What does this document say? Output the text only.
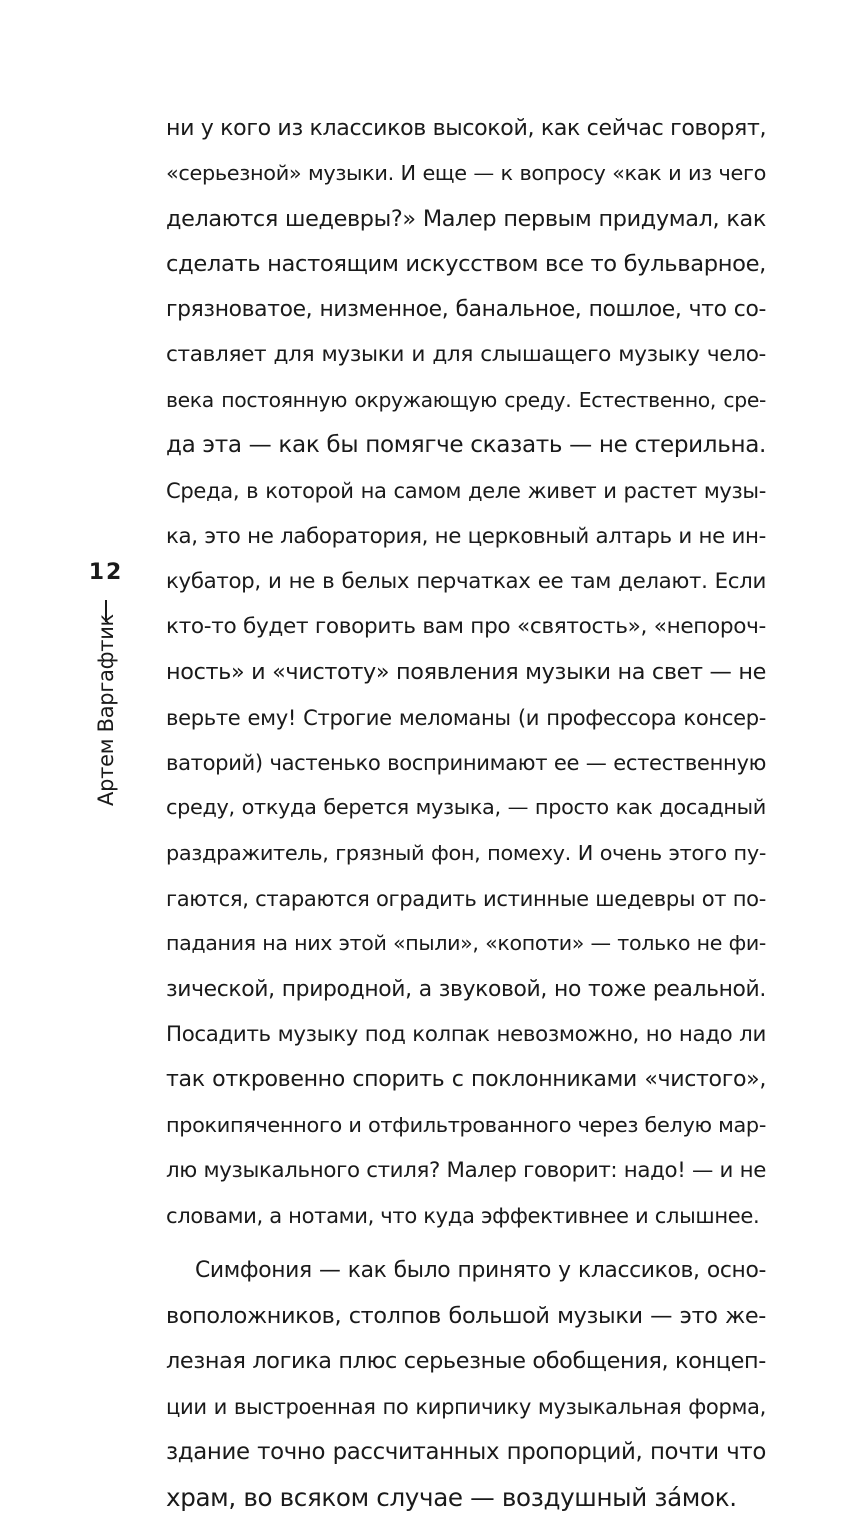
12
Артем Варгафтик
ни у кого из классиков высокой, как сейчас говорят,
«серьезной» музыки. И еще — к вопросу «как и из чего
делаются шедевры?» Малер первым придумал, как
сделать настоящим искусством все то бульварное,
грязноватое, низменное, банальное, пошлое, что со-
ставляет для музыки и для слышащего музыку чело-
века постоянную окружающую среду. Естественно, сре-
да эта — как бы помягче сказать — не стерильна.
Среда, в которой на самом деле живет и растет музы-
ка, это не лаборатория, не церковный алтарь и не ин-
кубатор, и не в белых перчатках ее там делают. Если
кто-то будет говорить вам про «святость», «непороч-
ность» и «чистоту» появления музыки на свет — не
верьте ему! Строгие меломаны (и профессора консер-
ваторий) частенько воспринимают ее — естественную
среду, откуда берется музыка, — просто как досадный
раздражитель, грязный фон, помеху. И очень этого пу-
гаются, стараются оградить истинные шедевры от по-
падания на них этой «пыли», «копоти» — только не фи-
зической, природной, а звуковой, но тоже реальной.
Посадить музыку под колпак невозможно, но надо ли
так откровенно спорить с поклонниками «чистого»,
прокипяченного и отфильтрованного через белую мар-
лю музыкального стиля? Малер говорит: надо! — и не
словами, а нотами, что куда эффективнее и слышнее.
Симфония — как было принято у классиков, осно-
воположников, столпов большой музыки — это же-
лезная логика плюс серьезные обобщения, концеп-
ции и выстроенная по кирпичику музыкальная форма,
здание точно рассчитанных пропорций, почти что
храм, во всяком случае — воздушный за́мок.
